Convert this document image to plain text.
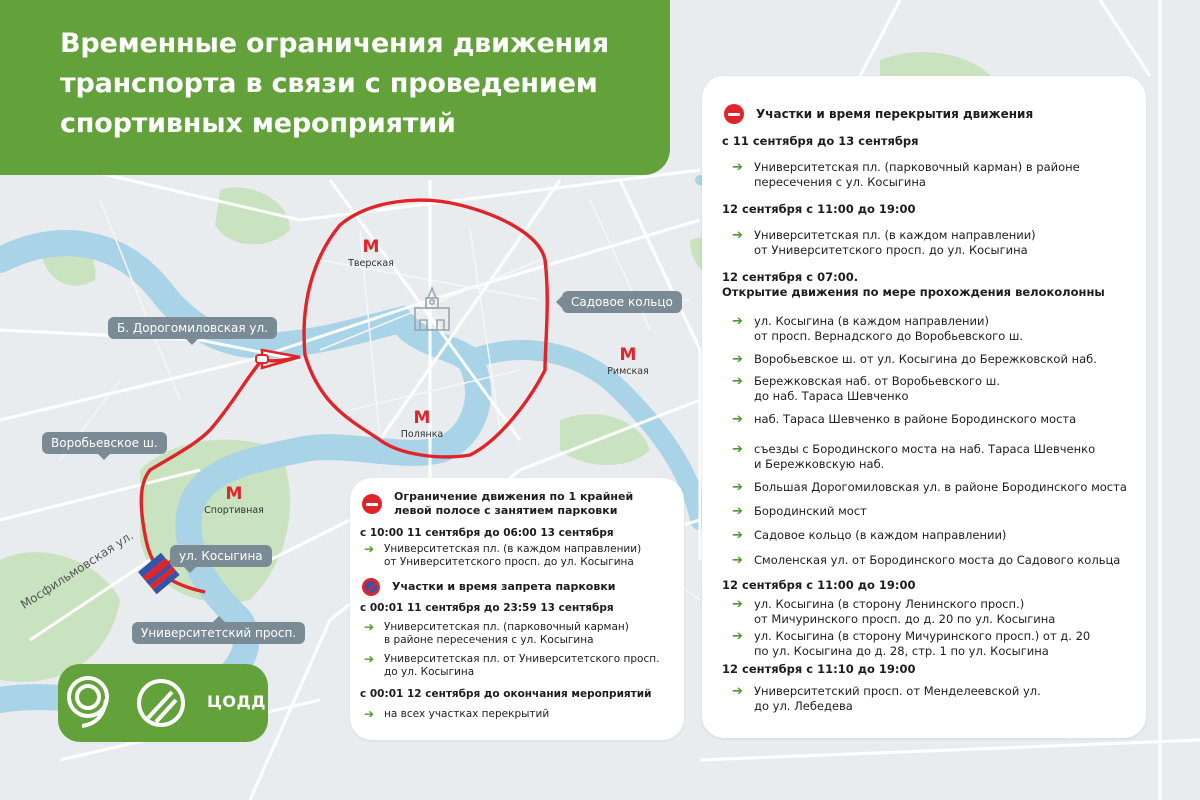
Временные ограничения движения транспорта в связи с проведением спортивных мероприятий
Б. Дорогомиловская ул.
Садовое кольцо
Воробьевское ш.
ул. Косыгина
Университетский просп.
Мосфильмовская ул.
М
Тверская
М
Римская
М
Полянка
М
Спортивная
Участки и время перекрытия движения
с 11 сентября до 13 сентября
➔ Университетская пл. (парковочный карман) в районе
пересечения с ул. Косыгина
12 сентября с 11:00 до 19:00
➔ Университетская пл. (в каждом направлении)
от Университетского просп. до ул. Косыгина
12 сентября с 07:00.
Открытие движения по мере прохождения велоколонны
➔ ул. Косыгина (в каждом направлении)
от просп. Вернадского до Воробьевского ш.
➔ Воробьевское ш. от ул. Косыгина до Бережковской наб.
➔ Бережковская наб. от Воробьевского ш.
до наб. Тараса Шевченко
➔ наб. Тараса Шевченко в районе Бородинского моста
➔ съезды с Бородинского моста на наб. Тараса Шевченко
и Бережковскую наб.
➔ Большая Дорогомиловская ул. в районе Бородинского моста
➔ Бородинский мост
➔ Садовое кольцо (в каждом направлении)
➔ Смоленская ул. от Бородинского моста до Садового кольца
12 сентября с 11:00 до 19:00
➔ ул. Косыгина (в сторону Ленинского просп.)
от Мичуринского просп. до д. 20 по ул. Косыгина
➔ ул. Косыгина (в сторону Мичуринского просп.) от д. 20
по ул. Косыгина до д. 28, стр. 1 по ул. Косыгина
12 сентября с 11:10 до 19:00
➔ Университетский просп. от Менделеевской ул.
до ул. Лебедева
Ограничение движения по 1 крайней
левой полосе с занятием парковки
с 10:00 11 сентября до 06:00 13 сентября
➔ Университетская пл. (в каждом направлении)
от Университетского просп. до ул. Косыгина
Участки и время запрета парковки
с 00:01 11 сентября до 23:59 13 сентября
➔ Университетская пл. (парковочный карман)
в районе пересечения с ул. Косыгина
➔ Университетская пл. от Университетского просп.
до ул. Косыгина
с 00:01 12 сентября до окончания мероприятий
➔ на всех участках перекрытий
ЦОДД
